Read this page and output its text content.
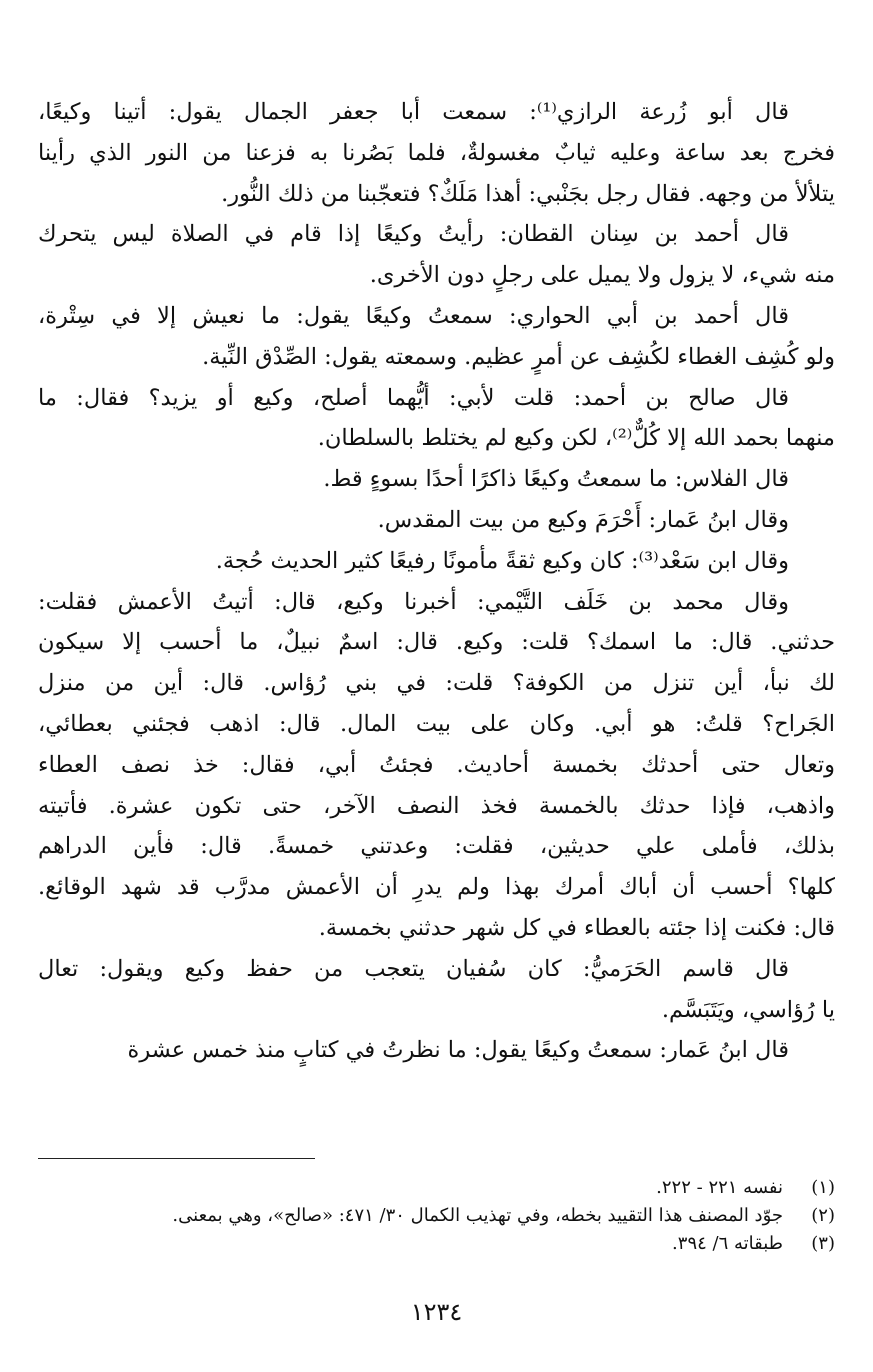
قال أبو زُرعة الرازي⁽¹⁾: سمعت أبا جعفر الجمال يقول: أتينا وكيعًا،
فخرج بعد ساعة وعليه ثيابٌ مغسولةٌ، فلما بَصُرنا به فزعنا من النور الذي رأينا
يتلألأ من وجهه. فقال رجل بجَنْبي: أهذا مَلَكٌ؟ فتعجّبنا من ذلك النُّور.

قال أحمد بن سِنان القطان: رأيتُ وكيعًا إذا قام في الصلاة ليس يتحرك
منه شيء، لا يزول ولا يميل على رجلٍ دون الأخرى.

قال أحمد بن أبي الحواري: سمعتُ وكيعًا يقول: ما نعيش إلا في سِتْرة،
ولو كُشِف الغطاء لكُشِف عن أمرٍ عظيم. وسمعته يقول: الصِّدْق النِّية.

قال صالح بن أحمد: قلت لأبي: أيُّهما أصلح، وكيع أو يزيد؟ فقال: ما
منهما بحمد الله إلا كُلٌّ⁽²⁾، لكن وكيع لم يختلط بالسلطان.

قال الفلاس: ما سمعتُ وكيعًا ذاكرًا أحدًا بسوءٍ قط.

وقال ابنُ عَمار: أَحْرَمَ وكيع من بيت المقدس.

وقال ابن سَعْد⁽³⁾: كان وكيع ثقةً مأمونًا رفيعًا كثير الحديث حُجة.

وقال محمد بن خَلَف التَّيْمي: أخبرنا وكيع، قال: أتيتُ الأعمش فقلت:
حدثني. قال: ما اسمك؟ قلت: وكيع. قال: اسمٌ نبيلٌ، ما أحسب إلا سيكون
لك نبأ، أين تنزل من الكوفة؟ قلت: في بني رُؤاس. قال: أين من منزل
الجَراح؟ قلتُ: هو أبي. وكان على بيت المال. قال: اذهب فجئني بعطائي،
وتعال حتى أحدثك بخمسة أحاديث. فجئتُ أبي، فقال: خذ نصف العطاء
واذهب، فإذا حدثك بالخمسة فخذ النصف الآخر، حتى تكون عشرة. فأتيته
بذلك، فأملى علي حديثين، فقلت: وعدتني خمسةً. قال: فأين الدراهم
كلها؟ أحسب أن أباك أمرك بهذا ولم يدرِ أن الأعمش مدرَّب قد شهد الوقائع.
قال: فكنت إذا جئته بالعطاء في كل شهر حدثني بخمسة.

قال قاسم الحَرَميُّ: كان سُفيان يتعجب من حفظ وكيع ويقول: تعال
يا رُؤاسي، ويَتَبَسَّم.

قال ابنُ عَمار: سمعتُ وكيعًا يقول: ما نظرتُ في كتابٍ منذ خمس عشرة

(١)
نفسه ٢٢١ - ٢٢٢.
(٢)
جوّد المصنف هذا التقييد بخطه، وفي تهذيب الكمال ٣٠/ ٤٧١: «صالح»، وهي بمعنى.
(٣)
طبقاته ٦/ ٣٩٤.
١٢٣٤
